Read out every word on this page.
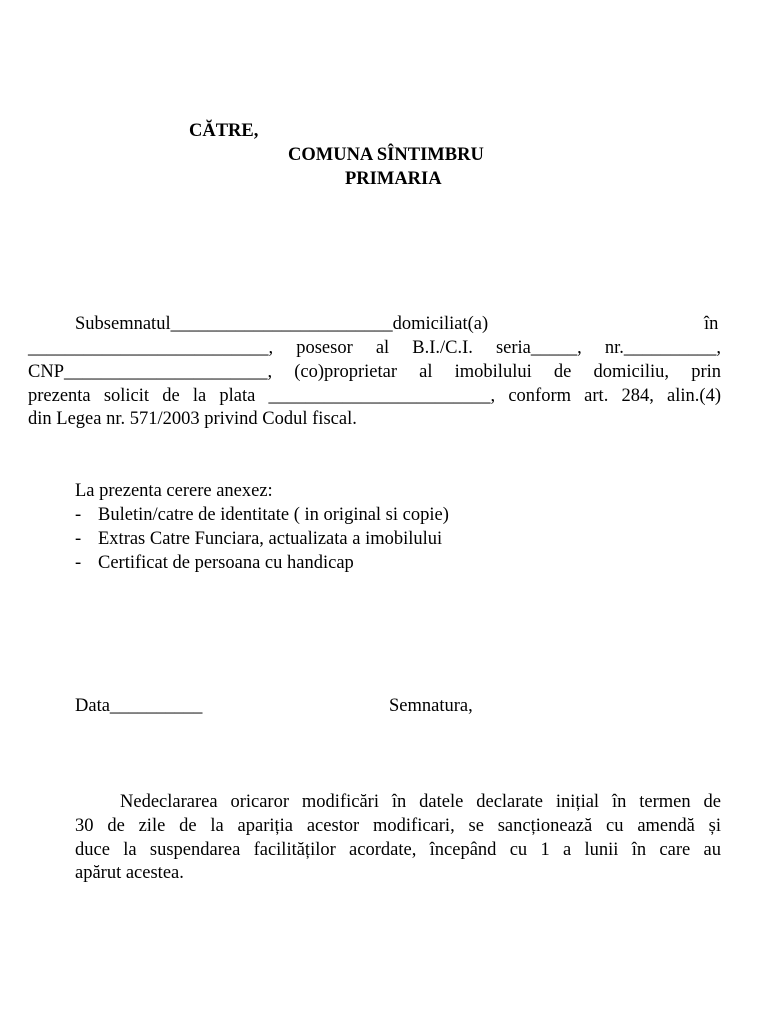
CĂTRE,
COMUNA SÎNTIMBRU
PRIMARIA
Subsemnatul________________________domiciliat(a)	în
__________________________, posesor al B.I./C.I. seria_____, nr.__________,
CNP______________________, (co)proprietar al imobilului de domiciliu, prin
prezenta solicit de la plata ________________________, conform art. 284, alin.(4)
din Legea nr. 571/2003 privind Codul fiscal.
La prezenta cerere anexez:
- Buletin/catre de identitate ( in original si copie)
- Extras Catre Funciara, actualizata a imobilului
- Certificat de persoana cu handicap
Data__________	Semnatura,
Nedeclararea oricaror modificări în datele declarate inițial în termen de
30 de zile de la apariția acestor modificari, se sancționează cu amendă și
duce la suspendarea facilităților acordate, începând cu 1 a lunii în care au
apărut acestea.
